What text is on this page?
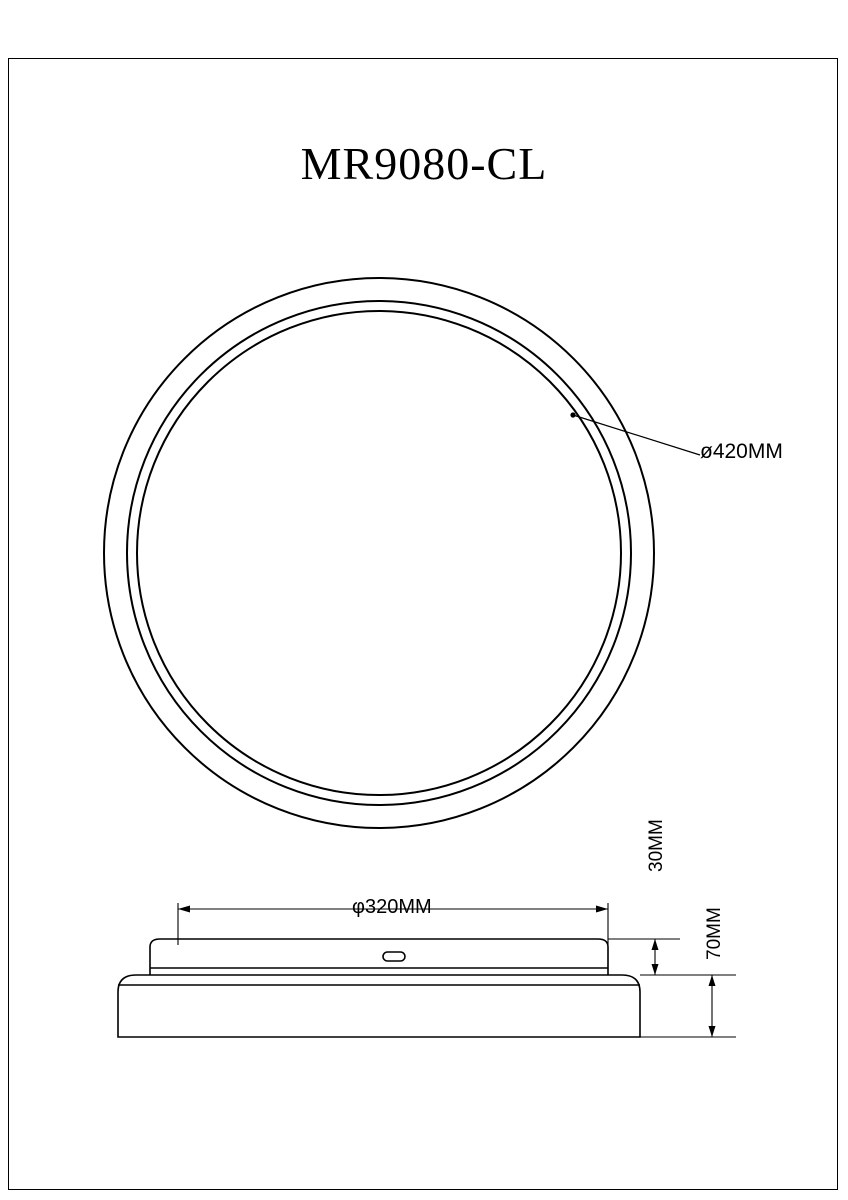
MR9080-CL
ø420MM
φ320MM
30MM
70MM
